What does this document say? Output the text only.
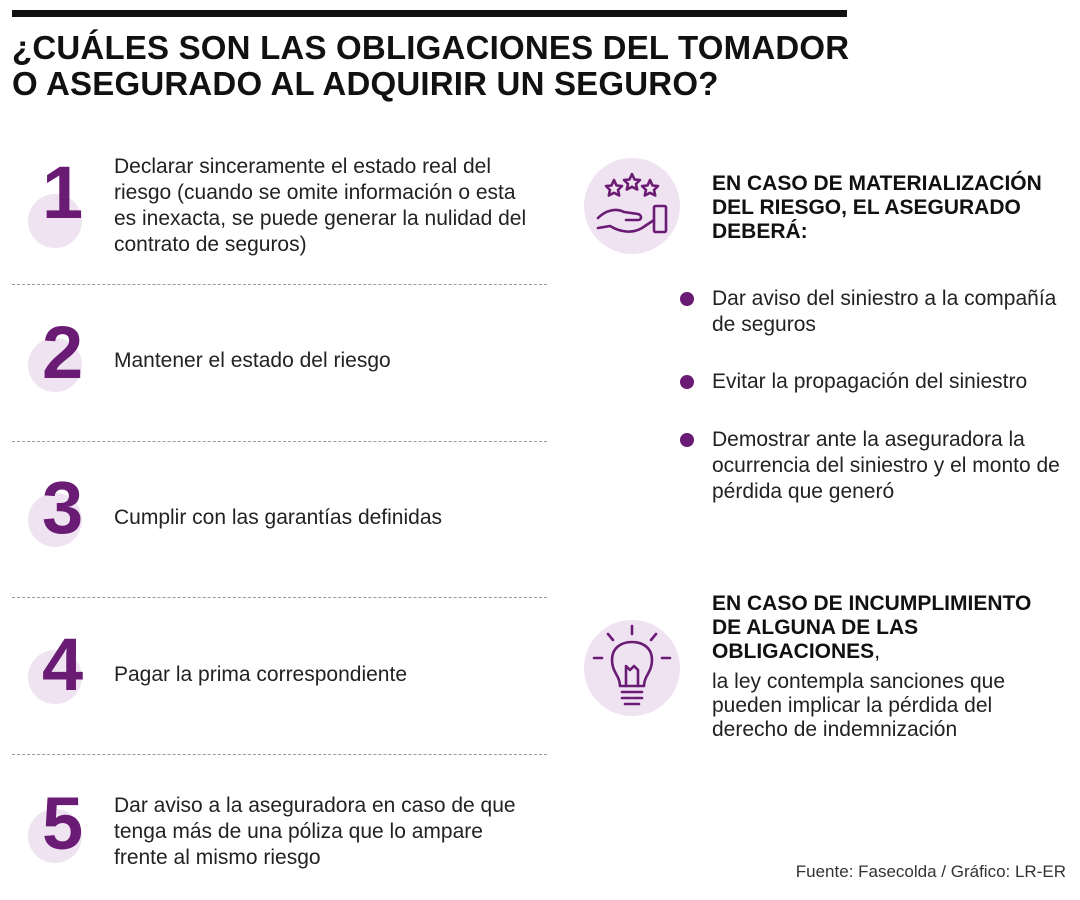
¿CUÁLES SON LAS OBLIGACIONES DEL TOMADOR
O ASEGURADO AL ADQUIRIR UN SEGURO?
1 Declarar sinceramente el estado real del riesgo (cuando se omite información o esta es inexacta, se puede generar la nulidad del contrato de seguros)
2 Mantener el estado del riesgo
3 Cumplir con las garantías definidas
4 Pagar la prima correspondiente
5 Dar aviso a la aseguradora en caso de que tenga más de una póliza que lo ampare frente al mismo riesgo
EN CASO DE MATERIALIZACIÓN
DEL RIESGO, EL ASEGURADO
DEBERÁ:
Dar aviso del siniestro a la compañía de seguros
Evitar la propagación del siniestro
Demostrar ante la aseguradora la ocurrencia del siniestro y el monto de pérdida que generó
EN CASO DE INCUMPLIMIENTO
DE ALGUNA DE LAS
OBLIGACIONES,
la ley contempla sanciones que pueden implicar la pérdida del derecho de indemnización
Fuente: Fasecolda / Gráfico: LR-ER
